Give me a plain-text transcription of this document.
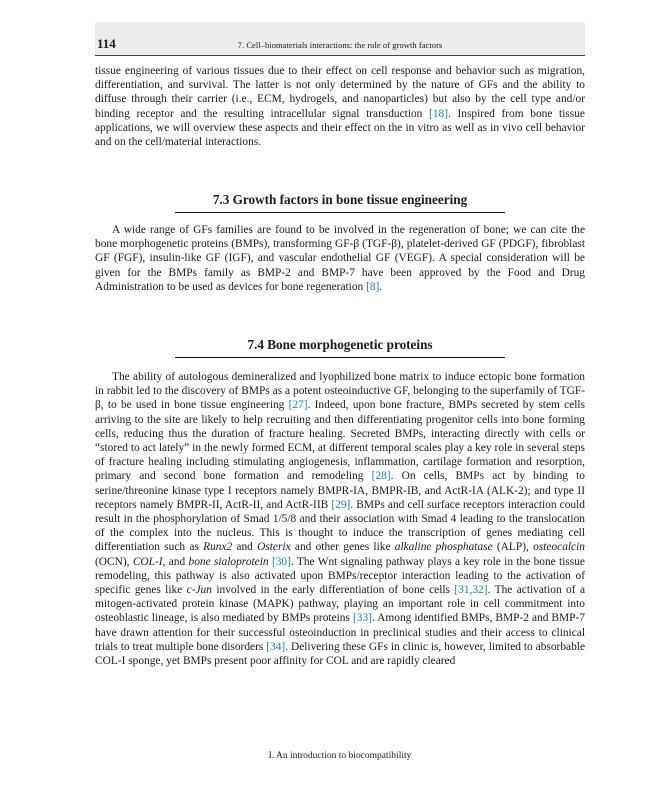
114	7. Cell–biomaterials interactions: the role of growth factors

tissue engineering of various tissues due to their effect on cell response and behavior such as migration, differentiation, and survival. The latter is not only determined by the nature of GFs and the ability to diffuse through their carrier (i.e., ECM, hydrogels, and nanoparticles) but also by the cell type and/or binding receptor and the resulting intracellular signal transduction [18]. Inspired from bone tissue applications, we will overview these aspects and their effect on the in vitro as well as in vivo cell behavior and on the cell/material interactions.

7.3 Growth factors in bone tissue engineering

A wide range of GFs families are found to be involved in the regeneration of bone; we can cite the bone morphogenetic proteins (BMPs), transforming GF-β (TGF-β), platelet-derived GF (PDGF), fibroblast GF (FGF), insulin-like GF (IGF), and vascular endothelial GF (VEGF). A special consideration will be given for the BMPs family as BMP-2 and BMP-7 have been approved by the Food and Drug Administration to be used as devices for bone regeneration [8].

7.4 Bone morphogenetic proteins

The ability of autologous demineralized and lyophilized bone matrix to induce ectopic bone formation in rabbit led to the discovery of BMPs as a potent osteoinductive GF, belonging to the superfamily of TGF-β, to be used in bone tissue engineering [27]. Indeed, upon bone fracture, BMPs secreted by stem cells arriving to the site are likely to help recruiting and then differentiating progenitor cells into bone forming cells, reducing thus the duration of fracture healing. Secreted BMPs, interacting directly with cells or “stored to act lately” in the newly formed ECM, at different temporal scales play a key role in several steps of fracture healing including stimulating angiogenesis, inflammation, cartilage formation and resorption, primary and second bone formation and remodeling [28]. On cells, BMPs act by binding to serine/threonine kinase type I receptors namely BMPR-IA, BMPR-IB, and ActR-IA (ALK-2); and type II receptors namely BMPR-II, ActR-II, and ActR-IIB [29]. BMPs and cell surface receptors interaction could result in the phosphorylation of Smad 1/5/8 and their association with Smad 4 leading to the translocation of the complex into the nucleus. This is thought to induce the transcription of genes mediating cell differentiation such as Runx2 and Osterix and other genes like alkaline phosphatase (ALP), osteocalcin (OCN), COL-I, and bone sialoprotein [30]. The Wnt signaling pathway plays a key role in the bone tissue remodeling, this pathway is also activated upon BMPs/receptor interaction leading to the activation of specific genes like c-Jun involved in the early differentiation of bone cells [31,32]. The activation of a mitogen-activated protein kinase (MAPK) pathway, playing an important role in cell commitment into osteoblastic lineage, is also mediated by BMPs proteins [33]. Among identified BMPs, BMP-2 and BMP-7 have drawn attention for their successful osteoinduction in preclinical studies and their access to clinical trials to treat multiple bone disorders [34]. Delivering these GFs in clinic is, however, limited to absorbable COL-I sponge, yet BMPs present poor affinity for COL and are rapidly cleared

I. An introduction to biocompatibility
